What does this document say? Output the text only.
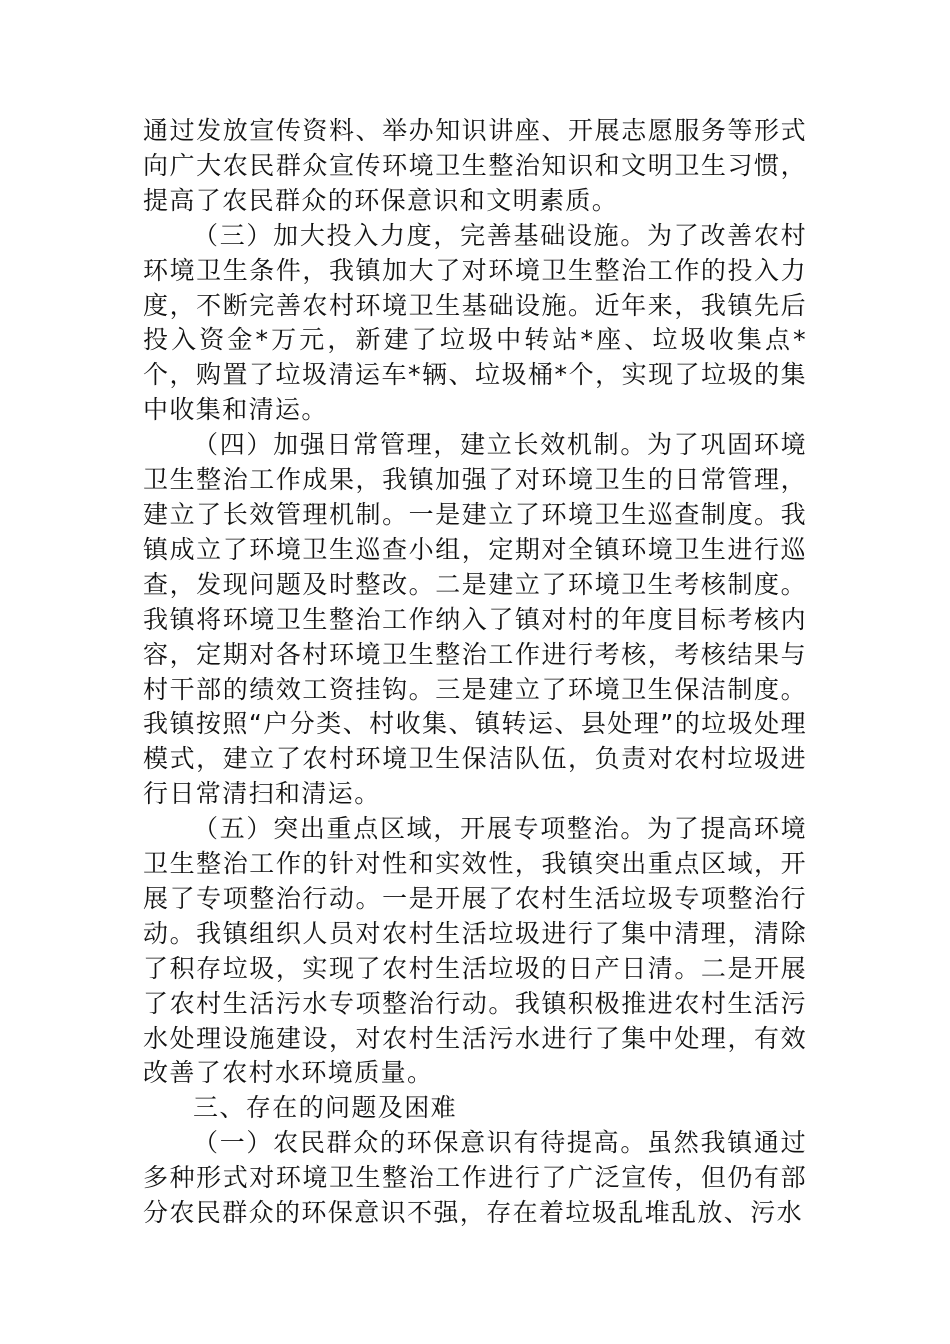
通过发放宣传资料、举办知识讲座、开展志愿服务等形式向广大农民群众宣传环境卫生整治知识和文明卫生习惯，提高了农民群众的环保意识和文明素质。

（三）加大投入力度，完善基础设施。为了改善农村环境卫生条件，我镇加大了对环境卫生整治工作的投入力度，不断完善农村环境卫生基础设施。近年来，我镇先后投入资金*万元，新建了垃圾中转站*座、垃圾收集点*个，购置了垃圾清运车*辆、垃圾桶*个，实现了垃圾的集中收集和清运。

（四）加强日常管理，建立长效机制。为了巩固环境卫生整治工作成果，我镇加强了对环境卫生的日常管理，建立了长效管理机制。一是建立了环境卫生巡查制度。我镇成立了环境卫生巡查小组，定期对全镇环境卫生进行巡查，发现问题及时整改。二是建立了环境卫生考核制度。我镇将环境卫生整治工作纳入了镇对村的年度目标考核内容，定期对各村环境卫生整治工作进行考核，考核结果与村干部的绩效工资挂钩。三是建立了环境卫生保洁制度。我镇按照“户分类、村收集、镇转运、县处理”的垃圾处理模式，建立了农村环境卫生保洁队伍，负责对农村垃圾进行日常清扫和清运。

（五）突出重点区域，开展专项整治。为了提高环境卫生整治工作的针对性和实效性，我镇突出重点区域，开展了专项整治行动。一是开展了农村生活垃圾专项整治行动。我镇组织人员对农村生活垃圾进行了集中清理，清除了积存垃圾，实现了农村生活垃圾的日产日清。二是开展了农村生活污水专项整治行动。我镇积极推进农村生活污水处理设施建设，对农村生活污水进行了集中处理，有效改善了农村水环境质量。

三、存在的问题及困难

（一）农民群众的环保意识有待提高。虽然我镇通过多种形式对环境卫生整治工作进行了广泛宣传，但仍有部分农民群众的环保意识不强，存在着垃圾乱堆乱放、污水
